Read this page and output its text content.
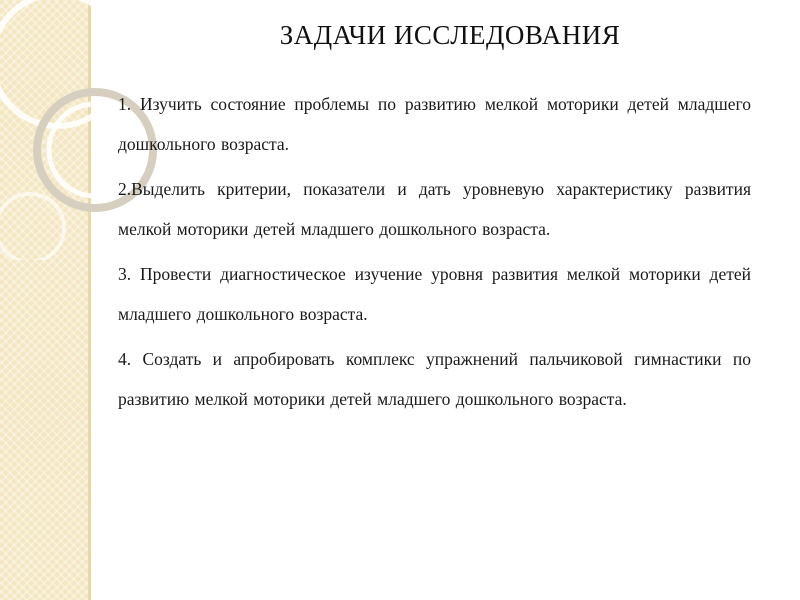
ЗАДАЧИ ИССЛЕДОВАНИЯ

1. Изучить состояние проблемы по развитию мелкой моторики детей младшего дошкольного возраста.

2.Выделить критерии, показатели и дать уровневую характеристику развития мелкой моторики детей младшего дошкольного возраста.

3. Провести диагностическое изучение уровня развития мелкой моторики детей младшего дошкольного возраста.

4. Создать и апробировать комплекс упражнений пальчиковой гимнастики по развитию мелкой моторики детей младшего дошкольного возраста.
